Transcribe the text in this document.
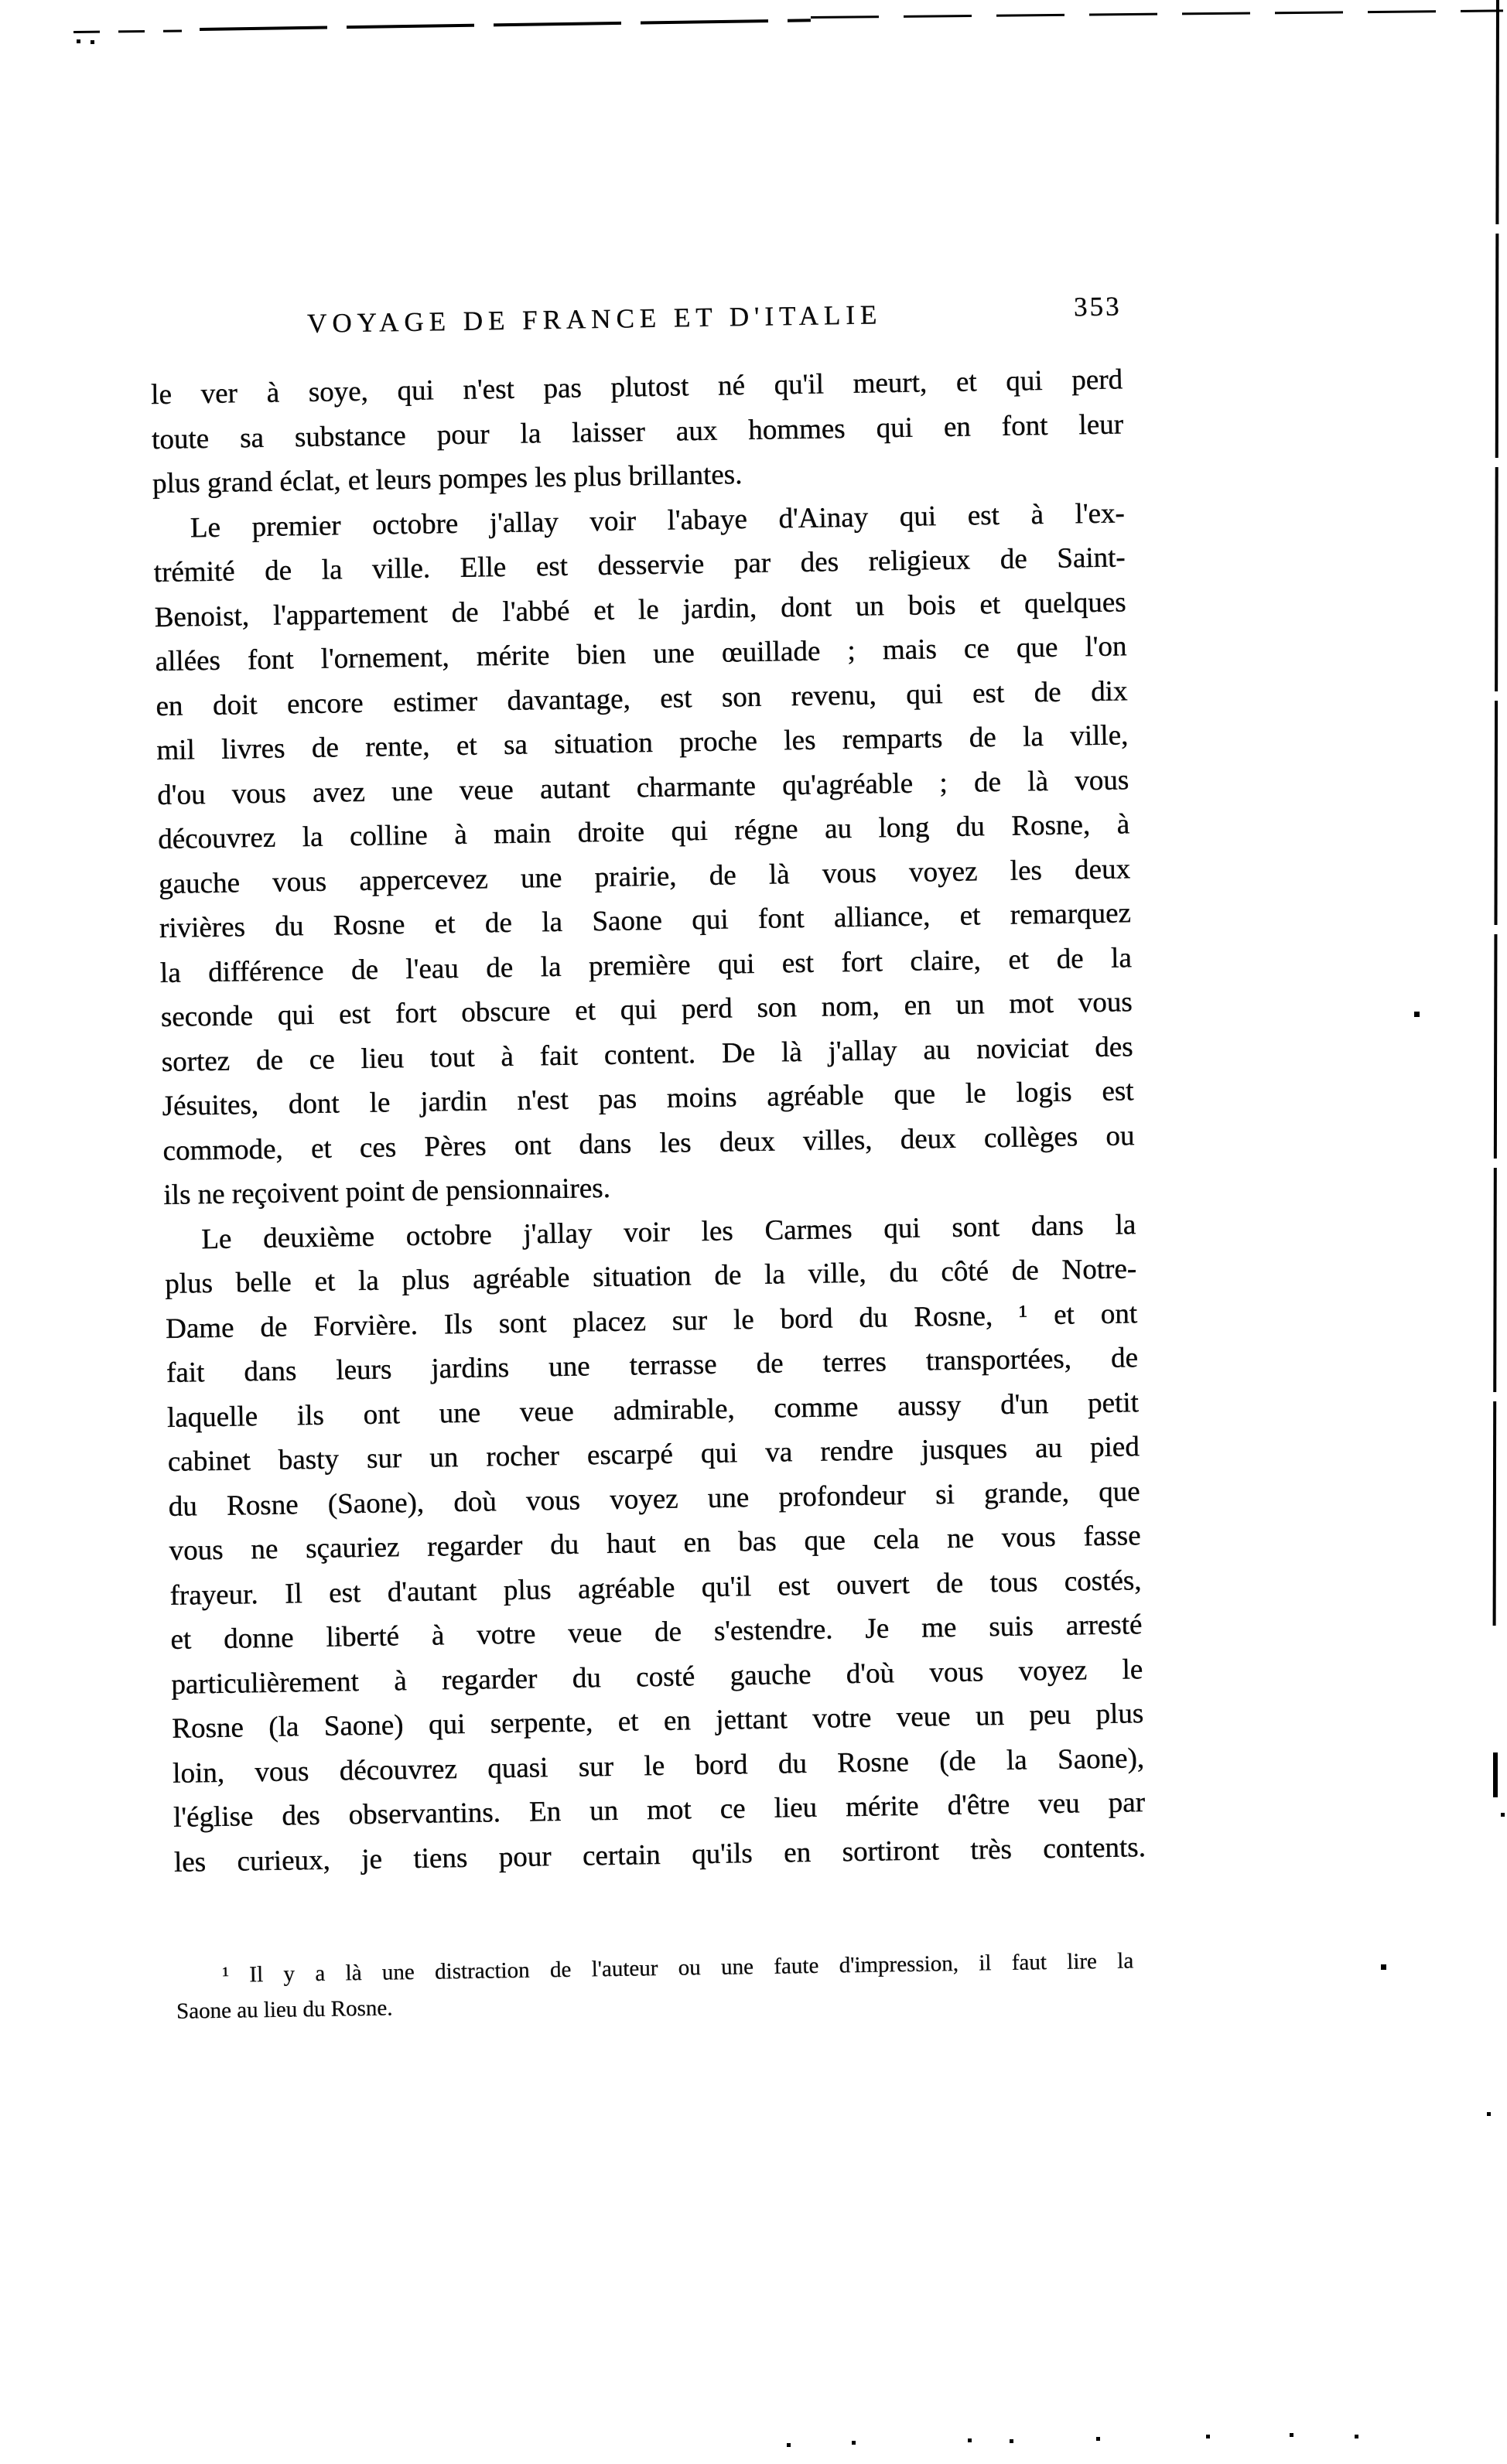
VOYAGE DE FRANCE ET D'ITALIE	353
le ver à soye, qui n'est pas plutost né qu'il meurt, et qui perd
toute sa substance pour la laisser aux hommes qui en font leur
plus grand éclat, et leurs pompes les plus brillantes.
Le premier octobre j'allay voir l'abaye d'Ainay qui est à l'ex-
trémité de la ville. Elle est desservie par des religieux de Saint-
Benoist, l'appartement de l'abbé et le jardin, dont un bois et quelques
allées font l'ornement, mérite bien une œuillade ; mais ce que l'on
en doit encore estimer davantage, est son revenu, qui est de dix
mil livres de rente, et sa situation proche les remparts de la ville,
d'ou vous avez une veue autant charmante qu'agréable ; de là vous
découvrez la colline à main droite qui régne au long du Rosne, à
gauche vous appercevez une prairie, de là vous voyez les deux
rivières du Rosne et de la Saone qui font alliance, et remarquez
la différence de l'eau de la première qui est fort claire, et de la
seconde qui est fort obscure et qui perd son nom, en un mot vous
sortez de ce lieu tout à fait content. De là j'allay au noviciat des
Jésuites, dont le jardin n'est pas moins agréable que le logis est
commode, et ces Pères ont dans les deux villes, deux collèges ou
ils ne reçoivent point de pensionnaires.
Le deuxième octobre j'allay voir les Carmes qui sont dans la
plus belle et la plus agréable situation de la ville, du côté de Notre-
Dame de Forvière. Ils sont placez sur le bord du Rosne, ¹ et ont
fait dans leurs jardins une terrasse de terres transportées, de
laquelle ils ont une veue admirable, comme aussy d'un petit
cabinet basty sur un rocher escarpé qui va rendre jusques au pied
du Rosne (Saone), doù vous voyez une profondeur si grande, que
vous ne sçauriez regarder du haut en bas que cela ne vous fasse
frayeur. Il est d'autant plus agréable qu'il est ouvert de tous costés,
et donne liberté à votre veue de s'estendre. Je me suis arresté
particulièrement à regarder du costé gauche d'où vous voyez le
Rosne (la Saone) qui serpente, et en jettant votre veue un peu plus
loin, vous découvrez quasi sur le bord du Rosne (de la Saone),
l'église des observantins. En un mot ce lieu mérite d'être veu par
les curieux, je tiens pour certain qu'ils en sortiront très contents.
¹ Il y a là une distraction de l'auteur ou une faute d'impression, il faut lire la
Saone au lieu du Rosne.
